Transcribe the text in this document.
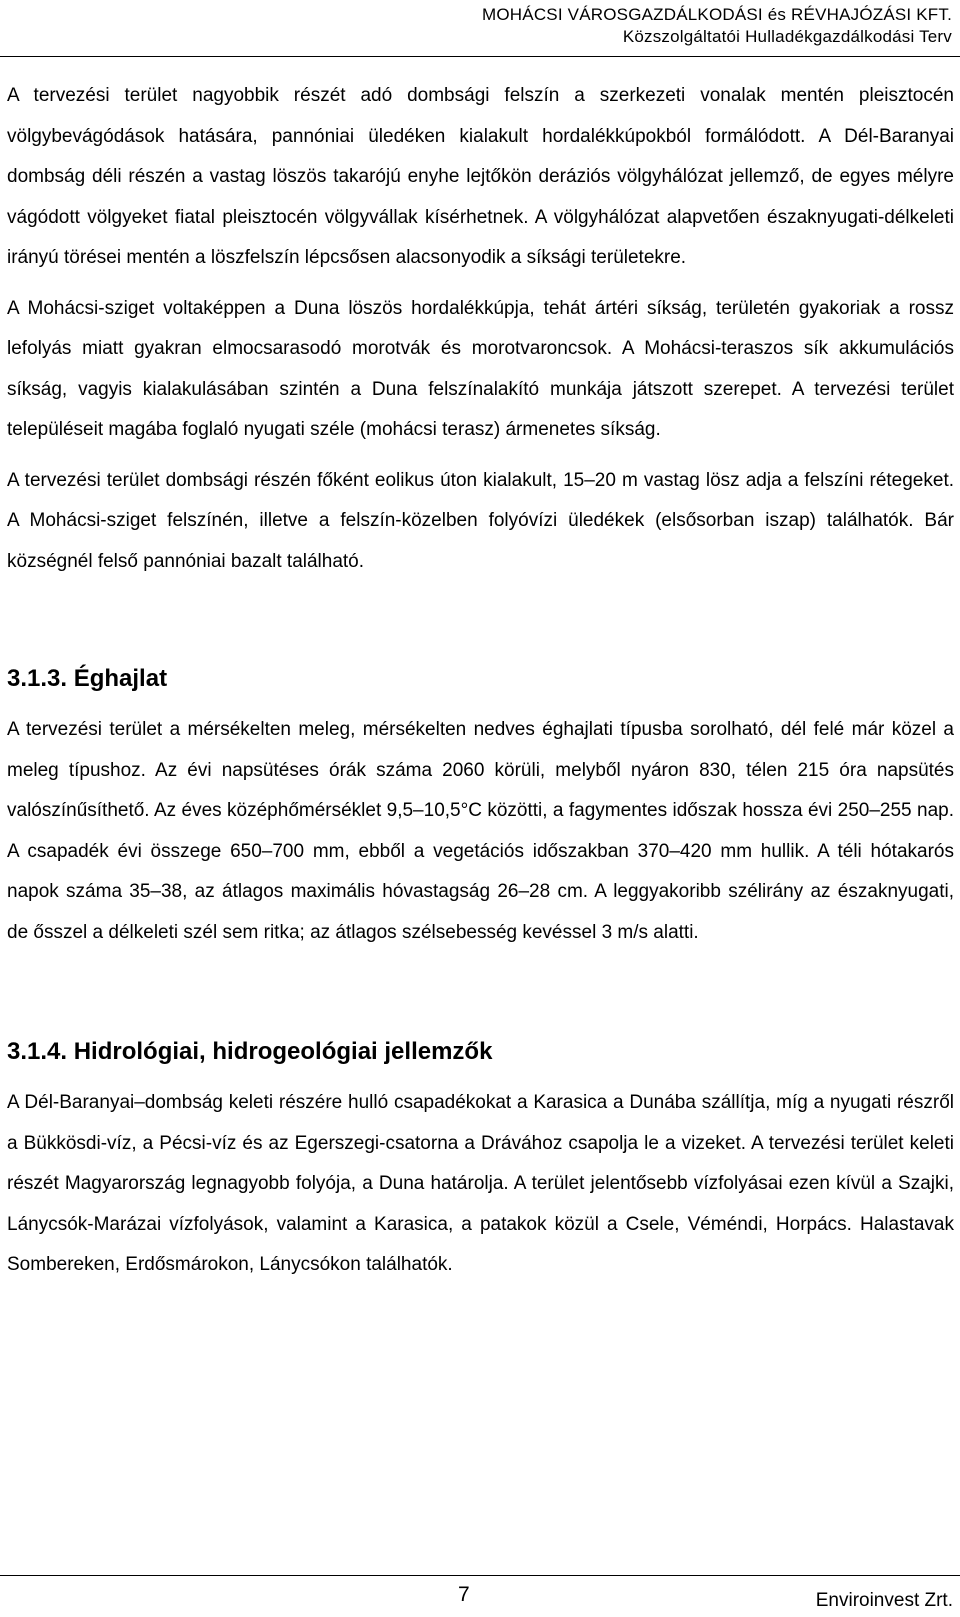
MOHÁCSI VÁROSGAZDÁLKODÁSI és RÉVHAJÓZÁSI KFT.
Közszolgáltatói Hulladékgazdálkodási Terv

A tervezési terület nagyobbik részét adó dombsági felszín a szerkezeti vonalak mentén pleisztocén völgybevágódások hatására, pannóniai üledéken kialakult hordalékkúpokból formálódott. A Dél-Baranyai dombság déli részén a vastag löszös takarójú enyhe lejtőkön deráziós völgyhálózat jellemző, de egyes mélyre vágódott völgyeket fiatal pleisztocén völgyvállak kísérhetnek. A völgyhálózat alapvetően északnyugati-délkeleti irányú törései mentén a löszfelszín lépcsősen alacsonyodik a síksági területekre.

A Mohácsi-sziget voltaképpen a Duna löszös hordalékkúpja, tehát ártéri síkság, területén gyakoriak a rossz lefolyás miatt gyakran elmocsarasodó morotvák és morotvaroncsok. A Mohácsi-teraszos sík akkumulációs síkság, vagyis kialakulásában szintén a Duna felszínalakító munkája játszott szerepet. A tervezési terület településeit magába foglaló nyugati széle (mohácsi terasz) ármenetes síkság.

A tervezési terület dombsági részén főként eolikus úton kialakult, 15–20 m vastag lösz adja a felszíni rétegeket. A Mohácsi-sziget felszínén, illetve a felszín-közelben folyóvízi üledékek (elsősorban iszap) találhatók. Bár községnél felső pannóniai bazalt található.

3.1.3. Éghajlat

A tervezési terület a mérsékelten meleg, mérsékelten nedves éghajlati típusba sorolható, dél felé már közel a meleg típushoz. Az évi napsütéses órák száma 2060 körüli, melyből nyáron 830, télen 215 óra napsütés valószínűsíthető. Az éves középhőmérséklet 9,5–10,5°C közötti, a fagymentes időszak hossza évi 250–255 nap. A csapadék évi összege 650–700 mm, ebből a vegetációs időszakban 370–420 mm hullik. A téli hótakarós napok száma 35–38, az átlagos maximális hóvastagság 26–28 cm. A leggyakoribb szélirány az északnyugati, de ősszel a délkeleti szél sem ritka; az átlagos szélsebesség kevéssel 3 m/s alatti.

3.1.4. Hidrológiai, hidrogeológiai jellemzők

A Dél-Baranyai–dombság keleti részére hulló csapadékokat a Karasica a Dunába szállítja, míg a nyugati részről a Bükkösdi-víz, a Pécsi-víz és az Egerszegi-csatorna a Drávához csapolja le a vizeket. A tervezési terület keleti részét Magyarország legnagyobb folyója, a Duna határolja. A terület jelentősebb vízfolyásai ezen kívül a Szajki, Lánycsók-Marázai vízfolyások, valamint a Karasica, a patakok közül a Csele, Véméndi, Horpács. Halastavak Sombereken, Erdősmárokon, Lánycsókon találhatók.

7	Enviroinvest Zrt.
